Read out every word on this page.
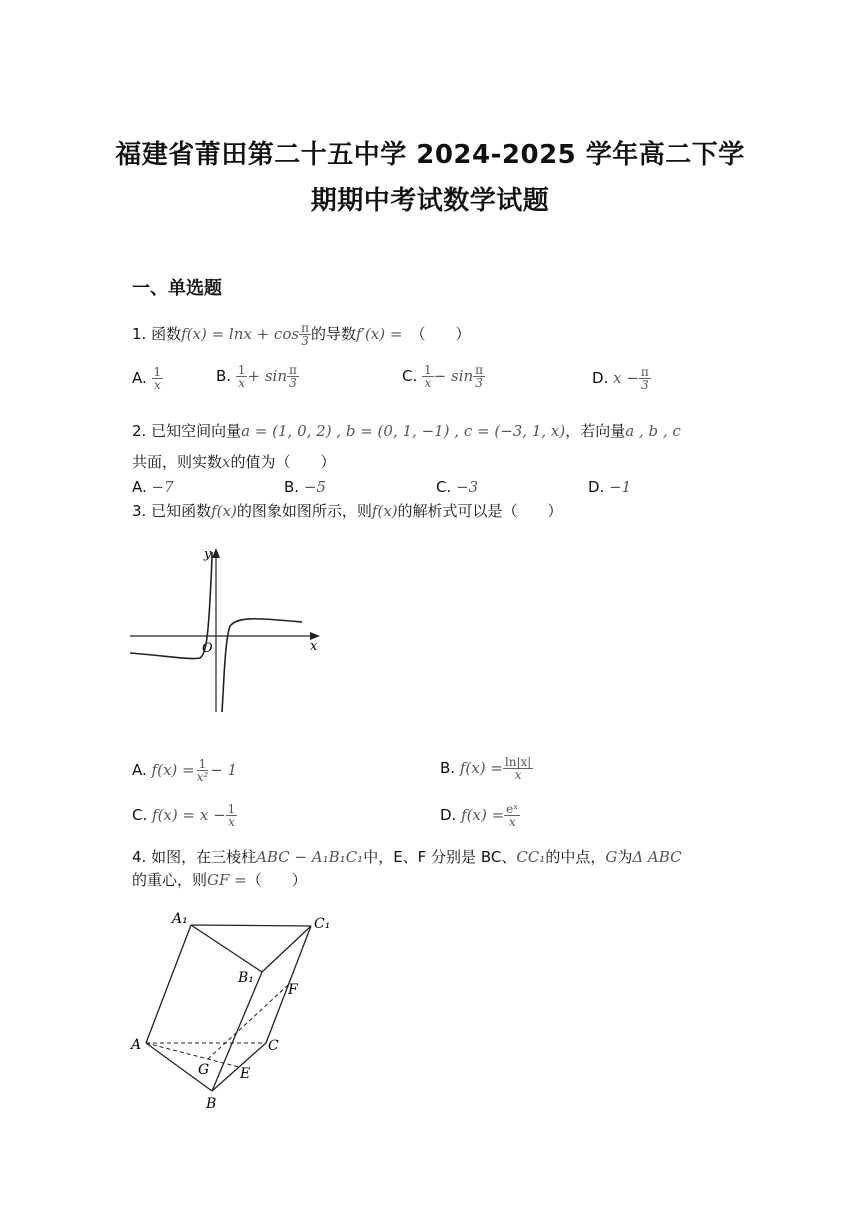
福建省莆田第二十五中学 2024-2025 学年高二下学
期期中考试数学试题
一、单选题
1. 函数$f(x) = \ln x + \cos \frac{\pi}{3}$ 的导数f′(x) = （　　）
A. $\frac{1}{x}$	B. $\frac{1}{x} + \sin \frac{\pi}{3}$	C. $\frac{1}{x} - \sin \frac{\pi}{3}$	D. $x - \frac{\pi}{3}$
2. 已知空间向量a = (1, 0, 2) , b = (0, 1, −1) , c = (−3, 1, x)，若向量a , b , c
共面，则实数x的值为（　　）
A. −7	B. −5	C. −3	D. −1
3. 已知函数f(x)的图象如图所示，则f(x)的解析式可以是（　　）
y
x
O
A. $f(x) = \frac{1}{\text{x²}} - 1$	B. $f(x) = \frac{\ln|x|}{x}$
C. $f(x) = x - \frac{1}{x}$	D. $f(x) = \frac{\text{eˣ}}{x}$
4. 如图，在三棱柱ABC − A₁B₁C₁中，E、F 分别是 BC、CC₁的中点，G为Δ ABC
的重心，则GF =（　　）
A₁	C₁
B₁
F
A	C
G E
B
